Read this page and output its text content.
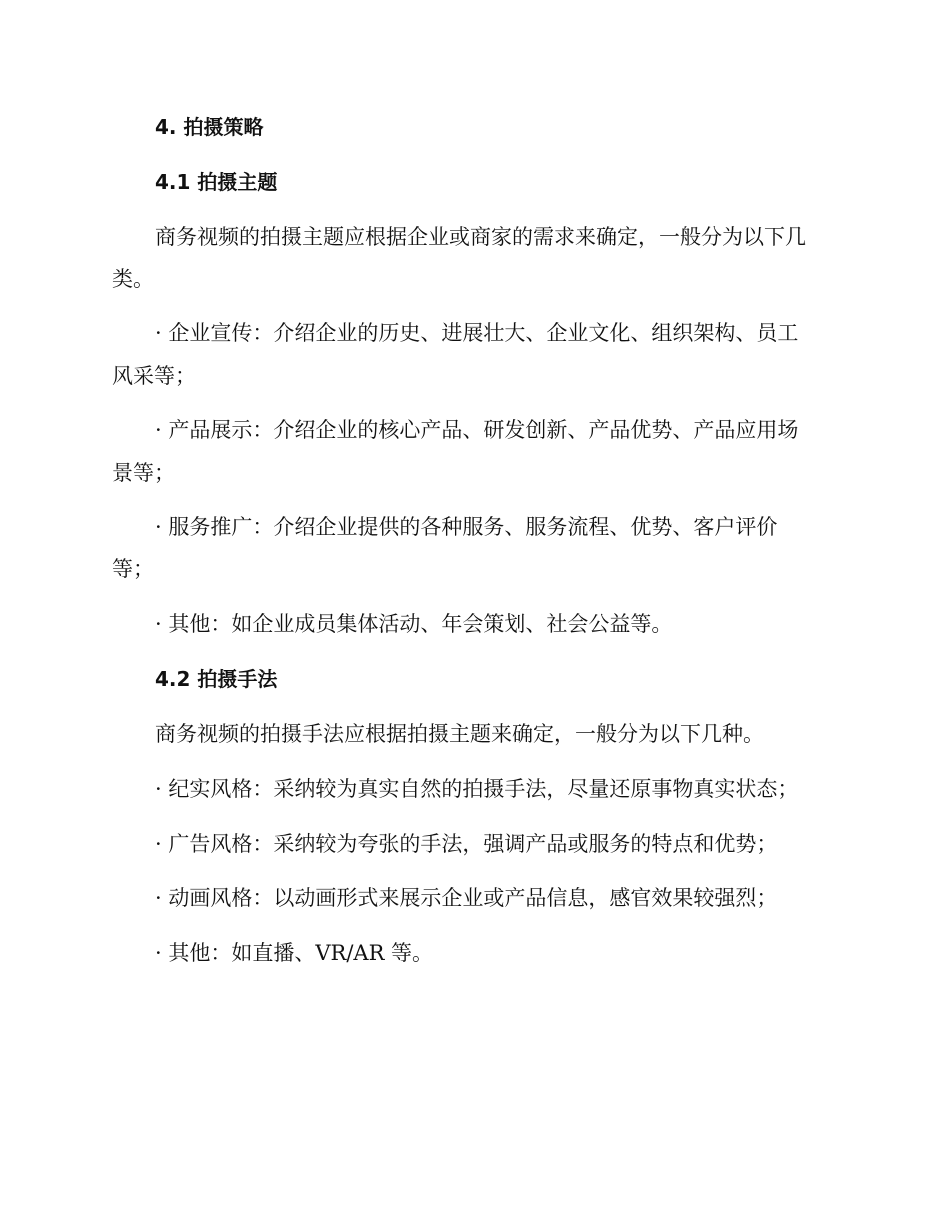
4. 拍摄策略
4.1 拍摄主题
商务视频的拍摄主题应根据企业或商家的需求来确定，一般分为以下几
类。
· 企业宣传：介绍企业的历史、进展壮大、企业文化、组织架构、员工
风采等；
· 产品展示：介绍企业的核心产品、研发创新、产品优势、产品应用场
景等；
· 服务推广：介绍企业提供的各种服务、服务流程、优势、客户评价
等；
· 其他：如企业成员集体活动、年会策划、社会公益等。
4.2 拍摄手法
商务视频的拍摄手法应根据拍摄主题来确定，一般分为以下几种。
· 纪实风格：采纳较为真实自然的拍摄手法，尽量还原事物真实状态；
· 广告风格：采纳较为夸张的手法，强调产品或服务的特点和优势；
· 动画风格：以动画形式来展示企业或产品信息，感官效果较强烈；
· 其他：如直播、VR/AR 等。
